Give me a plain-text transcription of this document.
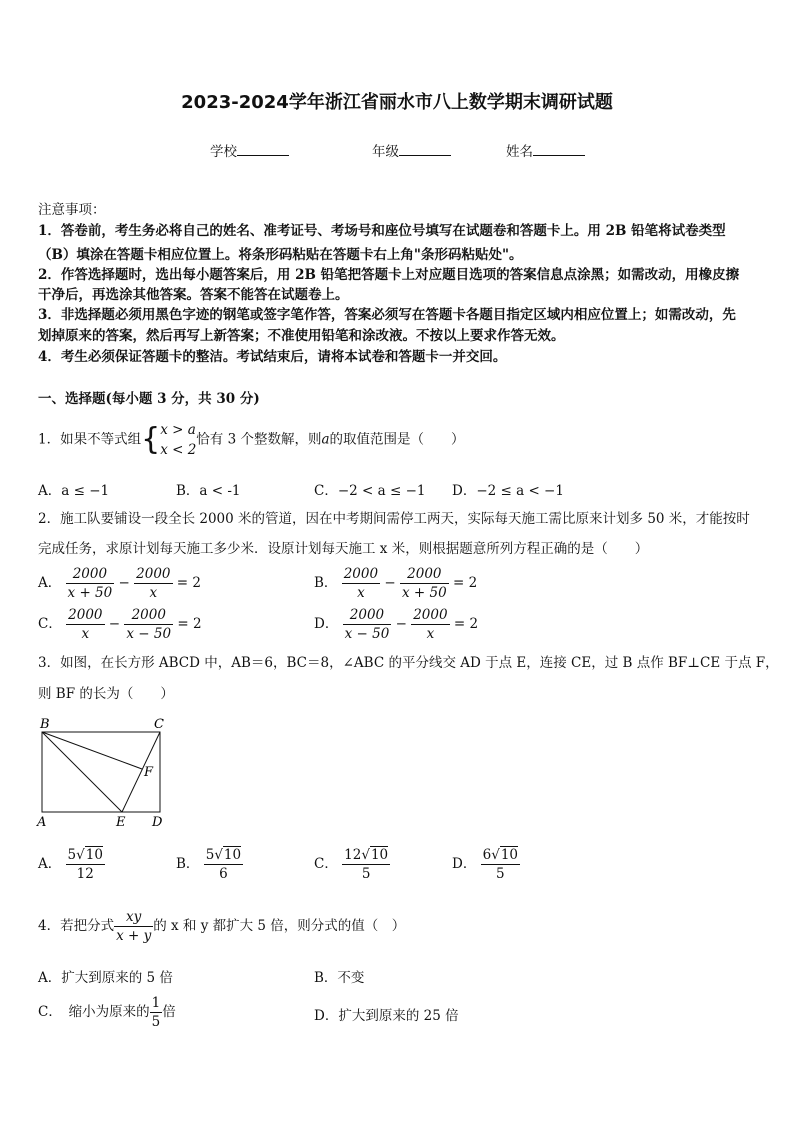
2023-2024学年浙江省丽水市八上数学期末调研试题
学校	年级	姓名
注意事项：
1．答卷前，考生务必将自己的姓名、准考证号、考场号和座位号填写在试题卷和答题卡上。用 2B 铅笔将试卷类型
（B）填涂在答题卡相应位置上。将条形码粘贴在答题卡右上角"条形码粘贴处"。
2．作答选择题时，选出每小题答案后，用 2B 铅笔把答题卡上对应题目选项的答案信息点涂黑；如需改动，用橡皮擦
干净后，再选涂其他答案。答案不能答在试题卷上。
3．非选择题必须用黑色字迹的钢笔或签字笔作答，答案必须写在答题卡各题目指定区域内相应位置上；如需改动，先
划掉原来的答案，然后再写上新答案；不准使用铅笔和涂改液。不按以上要求作答无效。
4．考生必须保证答题卡的整洁。考试结束后，请将本试卷和答题卡一并交回。
一、选择题(每小题 3 分，共 30 分)
1．如果不等式组{ x > a
x < 2
恰有 3 个整数解，则a的取值范围是（　　）
A．a ≤ −1	B．a < -1	C．−2 < a ≤ −1 D．−2 ≤ a < −1
2．施工队要铺设一段全长 2000 米的管道，因在中考期间需停工两天，实际每天施工需比原来计划多 50 米，才能按时
完成任务，求原计划每天施工多少米．设原计划每天施工 x 米，则根据题意所列方程正确的是（　　）
A． $\frac{2000}{x + 50} - \frac{2000}{x} = 2$	B． $\frac{2000}{x} - \frac{2000}{x + 50} = 2$
C． $\frac{2000}{x} - \frac{2000}{x - 50} = 2$	D． $\frac{2000}{x - 50} - \frac{2000}{x} = 2$
3．如图，在长方形 ABCD 中，AB＝6，BC＝8，∠ABC 的平分线交 AD 于点 E，连接 CE，过 B 点作 BF⊥CE 于点 F，
则 BF 的长为（　　）
B	C
F
A	E D
A． $\frac{5√10}{12}$	B． $\frac{5√10}{6}$	C． $\frac{12√10}{5}$	D． $\frac{6√10}{5}$
4．若把分式 $\frac{xy}{x + y}$ 的 x 和 y 都扩大 5 倍，则分式的值（　）
A．扩大到原来的 5 倍	B．不变
C．　缩小为原来的 $\frac{1}{5}$ 倍	D．扩大到原来的 25 倍
